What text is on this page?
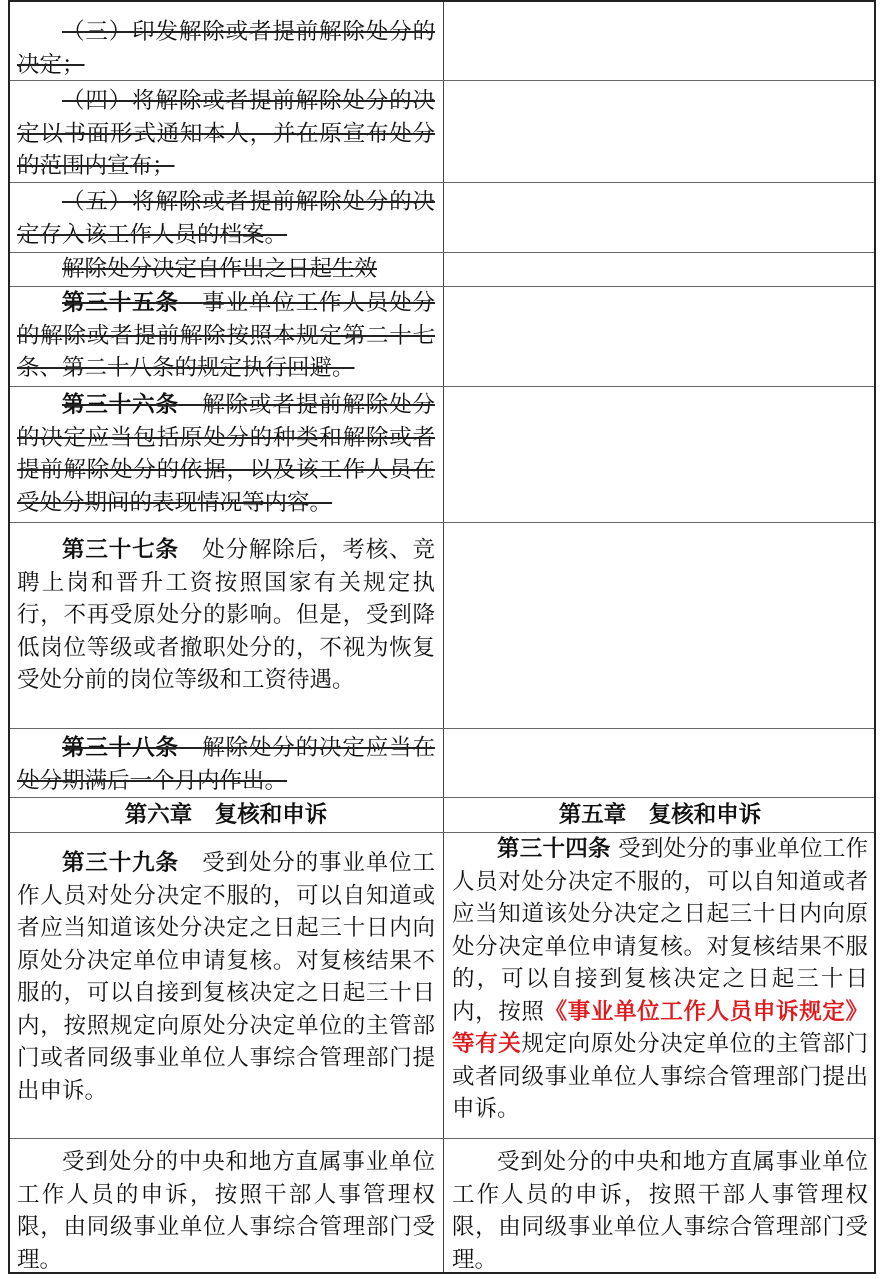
（三）印发解除或者提前解除处分的决定；

（四）将解除或者提前解除处分的决定以书面形式通知本人，并在原宣布处分的范围内宣布；

（五）将解除或者提前解除处分的决定存入该工作人员的档案。

解除处分决定自作出之日起生效

第三十五条　 事业单位工作人员处分的解除或者提前解除按照本规定第二十七条、第二十八条的规定执行回避。

第三十六条　 解除或者提前解除处分的决定应当包括原处分的种类和解除或者提前解除处分的依据，以及该工作人员在受处分期间的表现情况等内容。

第三十七条　 处分解除后，考核、竞聘上岗和晋升工资按照国家有关规定执行，不再受原处分的影响。但是，受到降低岗位等级或者撤职处分的，不视为恢复受处分前的岗位等级和工资待遇。

第三十八条　 解除处分的决定应当在处分期满后一个月内作出。

第六章　复核和申诉	第五章　复核和申诉

第三十九条　 受到处分的事业单位工作人员对处分决定不服的，可以自知道或者应当知道该处分决定之日起三十日内向原处分决定单位申请复核。对复核结果不服的，可以自接到复核决定之日起三十日内，按照规定向原处分决定单位的主管部门或者同级事业单位人事综合管理部门提出申诉。

第三十四条 受到处分的事业单位工作人员对处分决定不服的，可以自知道或者应当知道该处分决定之日起三十日内向原处分决定单位申请复核。对复核结果不服的，可以自接到复核决定之日起三十日内，按照《事业单位工作人员申诉规定》等有关规定向原处分决定单位的主管部门或者同级事业单位人事综合管理部门提出申诉。

受到处分的中央和地方直属事业单位工作人员的申诉，按照干部人事管理权限，由同级事业单位人事综合管理部门受理。

受到处分的中央和地方直属事业单位工作人员的申诉，按照干部人事管理权限，由同级事业单位人事综合管理部门受理。
